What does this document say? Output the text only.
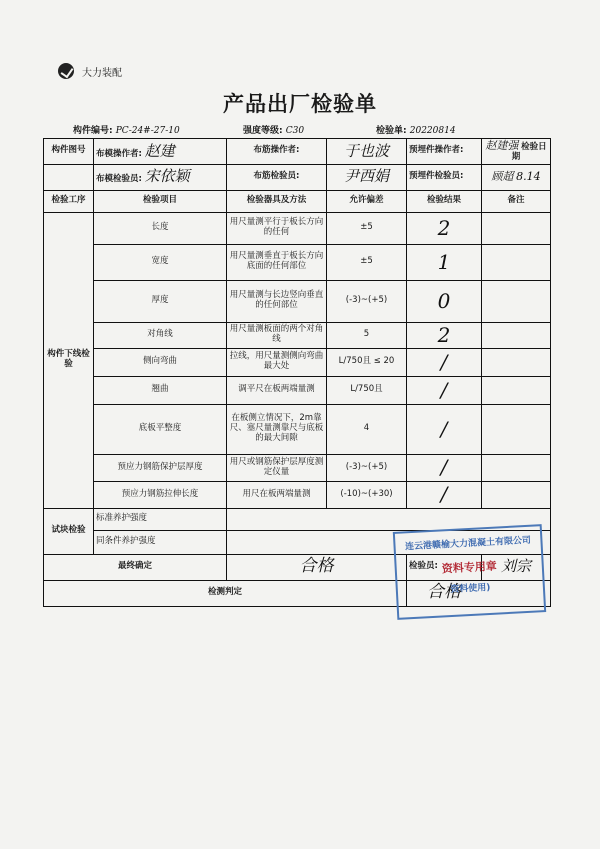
大力装配
产品出厂检验单
构件编号: PC-24#-27-10	强度等级: C30	检验单: 20220814
构件图号	布模操作者: 赵建	布筋操作者:	于也波	预埋件操作者:	赵建强 检验日期
	布模检验员: 宋依颖	布筋检验员:	尹西娟	预埋件检验员:	顾超 8.14
检验工序	检验项目	检验器具及方法	允许偏差	检验结果	备注
构件下线检验	长度	用尺量测平行于板长方向的任何	±5	2	
	宽度	用尺量测垂直于板长方向底面的任何部位	±5	1	
	厚度	用尺量测与长边竖向垂直的任何部位	(-3)~(+5)	0	
	对角线	用尺量测板面的两个对角线	5	2	
	侧向弯曲	拉线，用尺量测侧向弯曲最大处	L/750且 ≤ 20	/	
	翘曲	调平尺在板两端量测	L/750且	/	
	底板平整度	在板侧立情况下，2m靠尺、塞尺量测靠尺与底板的最大间隙	4	/	
	预应力钢筋保护层厚度	用尺或钢筋保护层厚度测定仪量	(-3)~(+5)	/	
	预应力钢筋拉伸长度	用尺在板两端量测	(-10)~(+30)	/	
试块检验	标准养护强度				
	同条件养护强度				
最终确定		合格		检验员:	刘宗
检测判定				合格	
连云港赣榆大力混凝土有限公司
资料专用章
资料使用)
